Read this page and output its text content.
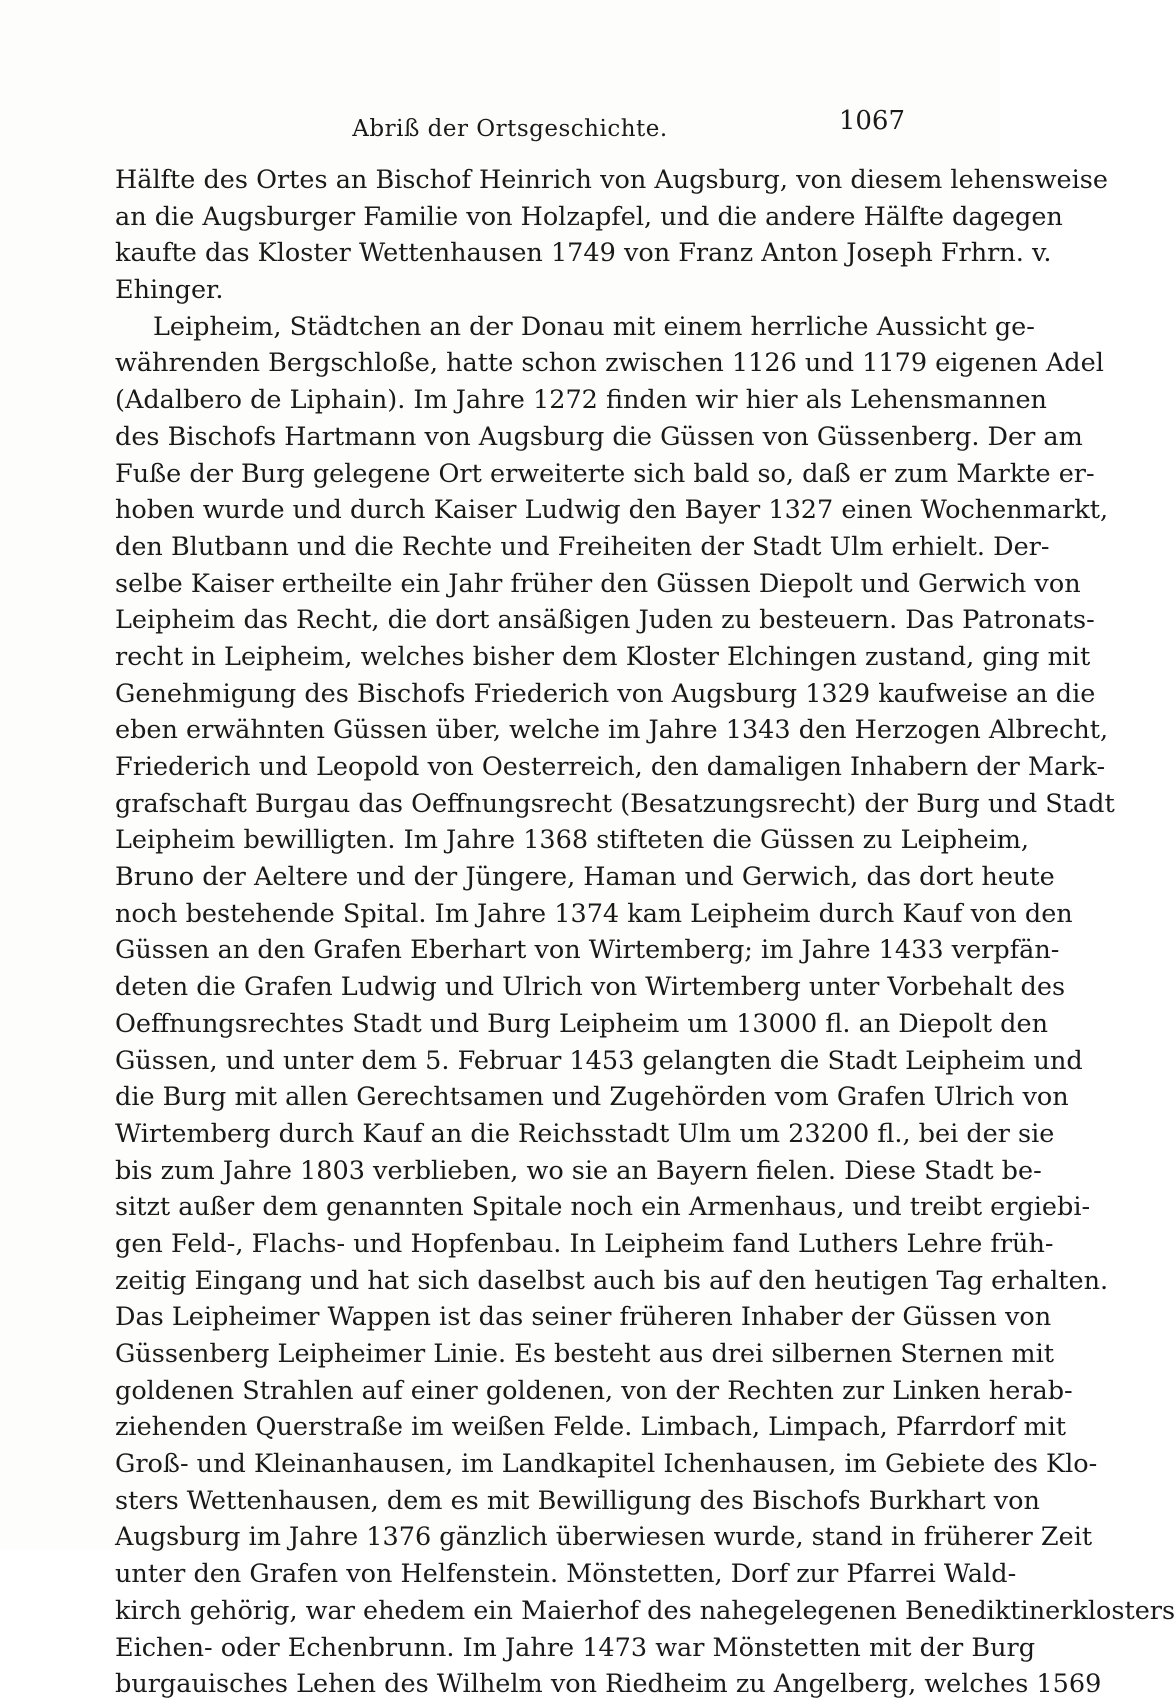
Abriß der Ortsgeschichte.	1067
Hälfte des Ortes an Bischof Heinrich von Augsburg, von diesem lehensweise
an die Augsburger Familie von Holzapfel, und die andere Hälfte dagegen
kaufte das Kloster Wettenhausen 1749 von Franz Anton Joseph Frhrn. v.
Ehinger.
Leipheim, Städtchen an der Donau mit einem herrliche Aussicht ge-
währenden Bergschloße, hatte schon zwischen 1126 und 1179 eigenen Adel
(Adalbero de Liphain). Im Jahre 1272 finden wir hier als Lehensmannen
des Bischofs Hartmann von Augsburg die Güssen von Güssenberg. Der am
Fuße der Burg gelegene Ort erweiterte sich bald so, daß er zum Markte er-
hoben wurde und durch Kaiser Ludwig den Bayer 1327 einen Wochenmarkt,
den Blutbann und die Rechte und Freiheiten der Stadt Ulm erhielt. Der-
selbe Kaiser ertheilte ein Jahr früher den Güssen Diepolt und Gerwich von
Leipheim das Recht, die dort ansäßigen Juden zu besteuern. Das Patronats-
recht in Leipheim, welches bisher dem Kloster Elchingen zustand, ging mit
Genehmigung des Bischofs Friederich von Augsburg 1329 kaufweise an die
eben erwähnten Güssen über, welche im Jahre 1343 den Herzogen Albrecht,
Friederich und Leopold von Oesterreich, den damaligen Inhabern der Mark-
grafschaft Burgau das Oeffnungsrecht (Besatzungsrecht) der Burg und Stadt
Leipheim bewilligten. Im Jahre 1368 stifteten die Güssen zu Leipheim,
Bruno der Aeltere und der Jüngere, Haman und Gerwich, das dort heute
noch bestehende Spital. Im Jahre 1374 kam Leipheim durch Kauf von den
Güssen an den Grafen Eberhart von Wirtemberg; im Jahre 1433 verpfän-
deten die Grafen Ludwig und Ulrich von Wirtemberg unter Vorbehalt des
Oeffnungsrechtes Stadt und Burg Leipheim um 13000 fl. an Diepolt den
Güssen, und unter dem 5. Februar 1453 gelangten die Stadt Leipheim und
die Burg mit allen Gerechtsamen und Zugehörden vom Grafen Ulrich von
Wirtemberg durch Kauf an die Reichsstadt Ulm um 23200 fl., bei der sie
bis zum Jahre 1803 verblieben, wo sie an Bayern fielen. Diese Stadt be-
sitzt außer dem genannten Spitale noch ein Armenhaus, und treibt ergiebi-
gen Feld-, Flachs- und Hopfenbau. In Leipheim fand Luthers Lehre früh-
zeitig Eingang und hat sich daselbst auch bis auf den heutigen Tag erhalten.
Das Leipheimer Wappen ist das seiner früheren Inhaber der Güssen von
Güssenberg Leipheimer Linie. Es besteht aus drei silbernen Sternen mit
goldenen Strahlen auf einer goldenen, von der Rechten zur Linken herab-
ziehenden Querstraße im weißen Felde. Limbach, Limpach, Pfarrdorf mit
Groß- und Kleinanhausen, im Landkapitel Ichenhausen, im Gebiete des Klo-
sters Wettenhausen, dem es mit Bewilligung des Bischofs Burkhart von
Augsburg im Jahre 1376 gänzlich überwiesen wurde, stand in früherer Zeit
unter den Grafen von Helfenstein. Mönstetten, Dorf zur Pfarrei Wald-
kirch gehörig, war ehedem ein Maierhof des nahegelegenen Benediktinerklosters
Eichen- oder Echenbrunn. Im Jahre 1473 war Mönstetten mit der Burg
burgauisches Lehen des Wilhelm von Riedheim zu Angelberg, welches 1569
